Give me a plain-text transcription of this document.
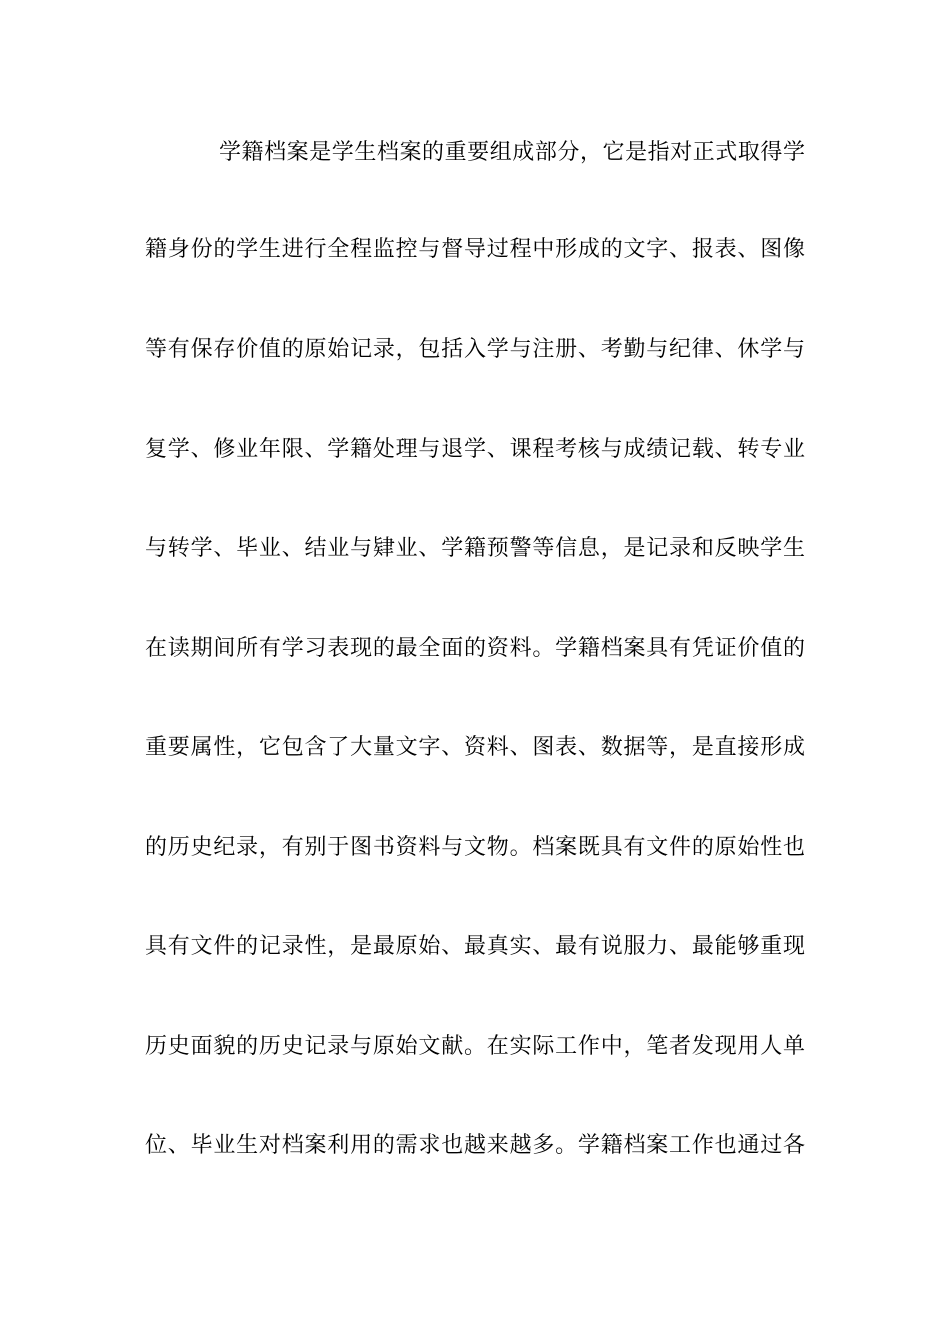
学籍档案是学生档案的重要组成部分，它是指对正式取得学
籍身份的学生进行全程监控与督导过程中形成的文字、报表、图像
等有保存价值的原始记录，包括入学与注册、考勤与纪律、休学与
复学、修业年限、学籍处理与退学、课程考核与成绩记载、转专业
与转学、毕业、结业与肄业、学籍预警等信息，是记录和反映学生
在读期间所有学习表现的最全面的资料。学籍档案具有凭证价值的
重要属性，它包含了大量文字、资料、图表、数据等，是直接形成
的历史纪录，有别于图书资料与文物。档案既具有文件的原始性也
具有文件的记录性，是最原始、最真实、最有说服力、最能够重现
历史面貌的历史记录与原始文献。在实际工作中，笔者发现用人单
位、毕业生对档案利用的需求也越来越多。学籍档案工作也通过各
